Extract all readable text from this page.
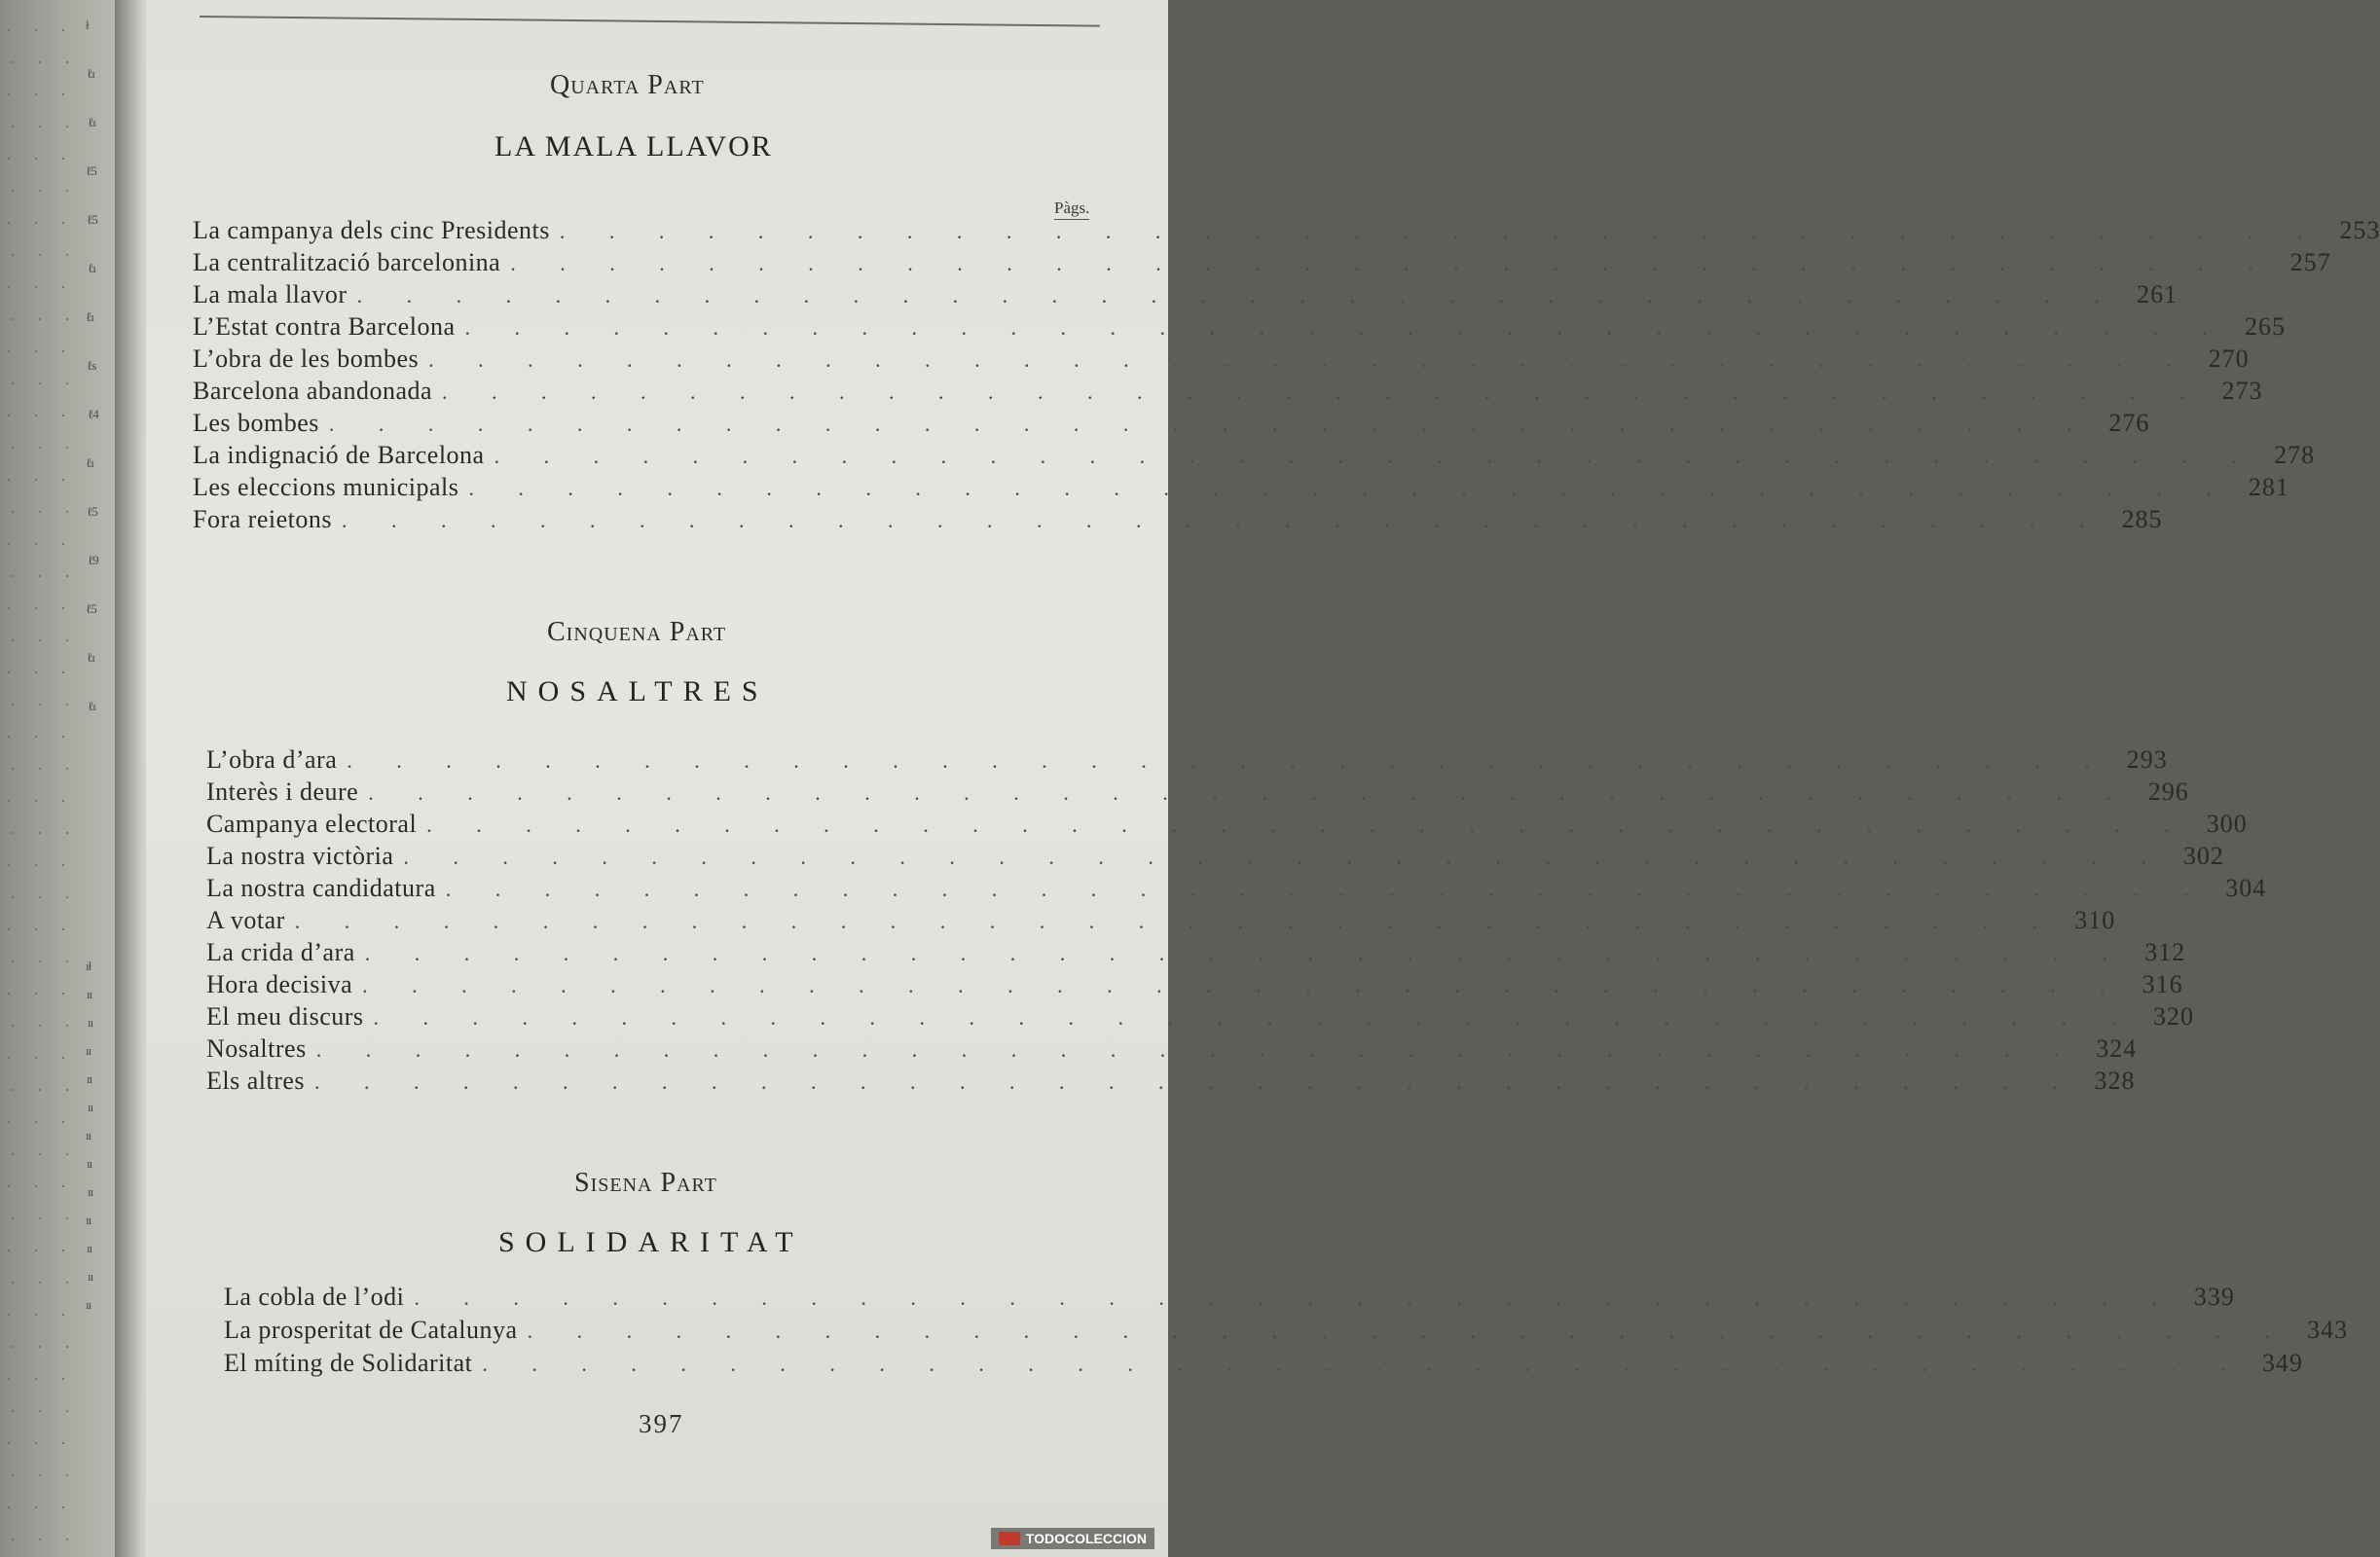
ł
ℓı
ℓı
ℓ5
ℓ5
ℓı
ℓı
ℓs
ℓ4
ℓı
ℓ5
ℓ9
ℓ5
ℓı
ℓı
ıł
ıı
ıı
ıı
ıı
ıı
ıı
ıı
ıı
ıı
ıı
ıı
ıı
Quarta Part
LA MALA LLAVOR
Pàgs.
La campanya dels cinc Presidents . . . . . . . . . . . . . . . . . . . . . . . . . . . . . . . . . . . . 253
La centralització barcelonina . . . . . . . . . . . . . . . . . . . . . . . . . . . . . . . . . . . . 257
La mala llavor . . . . . . . . . . . . . . . . . . . . . . . . . . . . . . . . . . . . 261
L’Estat contra Barcelona . . . . . . . . . . . . . . . . . . . . . . . . . . . . . . . . . . . . 265
L’obra de les bombes . . . . . . . . . . . . . . . . . . . . . . . . . . . . . . . . . . . . 270
Barcelona abandonada . . . . . . . . . . . . . . . . . . . . . . . . . . . . . . . . . . . . 273
Les bombes . . . . . . . . . . . . . . . . . . . . . . . . . . . . . . . . . . . . 276
La indignació de Barcelona . . . . . . . . . . . . . . . . . . . . . . . . . . . . . . . . . . . . 278
Les eleccions municipals . . . . . . . . . . . . . . . . . . . . . . . . . . . . . . . . . . . . 281
Fora reietons . . . . . . . . . . . . . . . . . . . . . . . . . . . . . . . . . . . . 285
Cinquena Part
NOSALTRES
L’obra d’ara . . . . . . . . . . . . . . . . . . . . . . . . . . . . . . . . . . . . 293
Interès i deure . . . . . . . . . . . . . . . . . . . . . . . . . . . . . . . . . . . . 296
Campanya electoral . . . . . . . . . . . . . . . . . . . . . . . . . . . . . . . . . . . . 300
La nostra victòria . . . . . . . . . . . . . . . . . . . . . . . . . . . . . . . . . . . . 302
La nostra candidatura . . . . . . . . . . . . . . . . . . . . . . . . . . . . . . . . . . . . 304
A votar . . . . . . . . . . . . . . . . . . . . . . . . . . . . . . . . . . . . 310
La crida d’ara . . . . . . . . . . . . . . . . . . . . . . . . . . . . . . . . . . . . 312
Hora decisiva . . . . . . . . . . . . . . . . . . . . . . . . . . . . . . . . . . . . 316
El meu discurs . . . . . . . . . . . . . . . . . . . . . . . . . . . . . . . . . . . . 320
Nosaltres . . . . . . . . . . . . . . . . . . . . . . . . . . . . . . . . . . . . 324
Els altres . . . . . . . . . . . . . . . . . . . . . . . . . . . . . . . . . . . . 328
Sisena Part
SOLIDARITAT
La cobla de l’odi . . . . . . . . . . . . . . . . . . . . . . . . . . . . . . . . . . . . 339
La prosperitat de Catalunya . . . . . . . . . . . . . . . . . . . . . . . . . . . . . . . . . . . . 343
El míting de Solidaritat . . . . . . . . . . . . . . . . . . . . . . . . . . . . . . . . . . . . 349
397
TODOCOLECCION
